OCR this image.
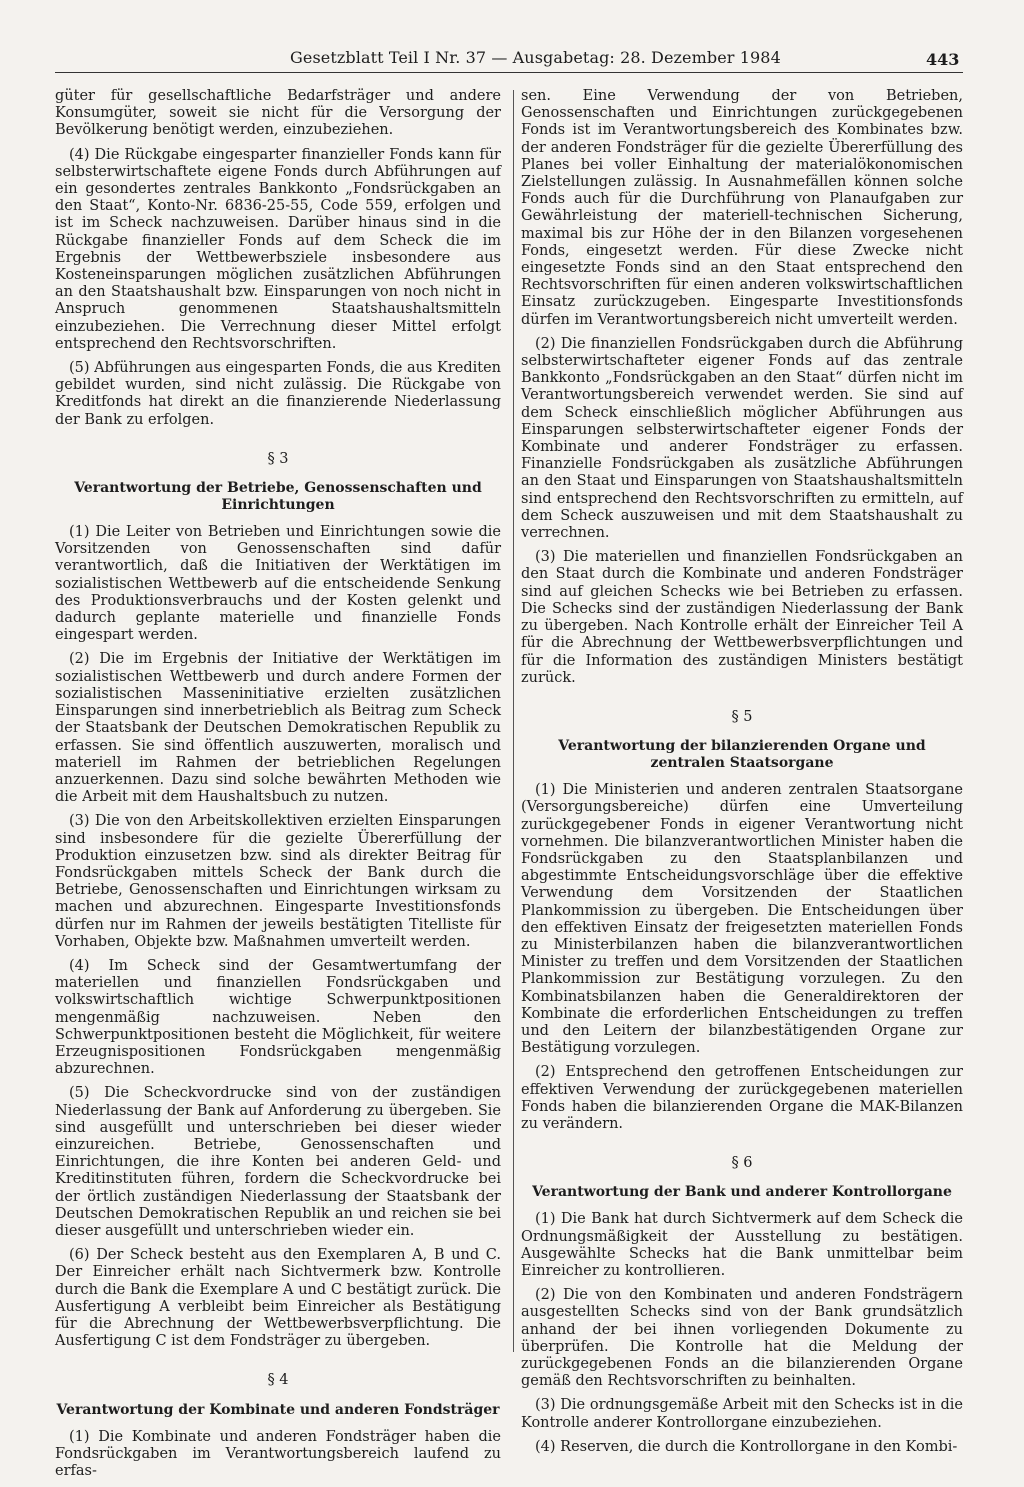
Gesetzblatt Teil I Nr. 37 — Ausgabetag: 28. Dezember 1984	443

güter für gesellschaftliche Bedarfsträger und andere Konsumgüter, soweit sie nicht für die Versorgung der Bevölkerung benötigt werden, einzubeziehen.

(4) Die Rückgabe eingesparter finanzieller Fonds kann für selbsterwirtschaftete eigene Fonds durch Abführungen auf ein gesondertes zentrales Bankkonto „Fondsrückgaben an den Staat“, Konto-Nr. 6836-25-55, Code 559, erfolgen und ist im Scheck nachzuweisen. Darüber hinaus sind in die Rückgabe finanzieller Fonds auf dem Scheck die im Ergebnis der Wettbewerbsziele insbesondere aus Kosteneinsparungen möglichen zusätzlichen Abführungen an den Staatshaushalt bzw. Einsparungen von noch nicht in Anspruch genommenen Staatshaushaltsmitteln einzubeziehen. Die Verrechnung dieser Mittel erfolgt entsprechend den Rechtsvorschriften.

(5) Abführungen aus eingesparten Fonds, die aus Krediten gebildet wurden, sind nicht zulässig. Die Rückgabe von Kreditfonds hat direkt an die finanzierende Niederlassung der Bank zu erfolgen.

§ 3
Verantwortung der Betriebe, Genossenschaften und Einrichtungen

(1) Die Leiter von Betrieben und Einrichtungen sowie die Vorsitzenden von Genossenschaften sind dafür verantwortlich, daß die Initiativen der Werktätigen im sozialistischen Wettbewerb auf die entscheidende Senkung des Produktionsverbrauchs und der Kosten gelenkt und dadurch geplante materielle und finanzielle Fonds eingespart werden.

(2) Die im Ergebnis der Initiative der Werktätigen im sozialistischen Wettbewerb und durch andere Formen der sozialistischen Masseninitiative erzielten zusätzlichen Einsparungen sind innerbetrieblich als Beitrag zum Scheck der Staatsbank der Deutschen Demokratischen Republik zu erfassen. Sie sind öffentlich auszuwerten, moralisch und materiell im Rahmen der betrieblichen Regelungen anzuerkennen. Dazu sind solche bewährten Methoden wie die Arbeit mit dem Haushaltsbuch zu nutzen.

(3) Die von den Arbeitskollektiven erzielten Einsparungen sind insbesondere für die gezielte Übererfüllung der Produktion einzusetzen bzw. sind als direkter Beitrag für Fondsrückgaben mittels Scheck der Bank durch die Betriebe, Genossenschaften und Einrichtungen wirksam zu machen und abzurechnen. Eingesparte Investitionsfonds dürfen nur im Rahmen der jeweils bestätigten Titelliste für Vorhaben, Objekte bzw. Maßnahmen umverteilt werden.

(4) Im Scheck sind der Gesamtwertumfang der materiellen und finanziellen Fondsrückgaben und volkswirtschaftlich wichtige Schwerpunktpositionen mengenmäßig nachzuweisen. Neben den Schwerpunktpositionen besteht die Möglichkeit, für weitere Erzeugnispositionen Fondsrückgaben mengenmäßig abzurechnen.

(5) Die Scheckvordrucke sind von der zuständigen Niederlassung der Bank auf Anforderung zu übergeben. Sie sind ausgefüllt und unterschrieben bei dieser wieder einzureichen. Betriebe, Genossenschaften und Einrichtungen, die ihre Konten bei anderen Geld- und Kreditinstituten führen, fordern die Scheckvordrucke bei der örtlich zuständigen Niederlassung der Staatsbank der Deutschen Demokratischen Republik an und reichen sie bei dieser ausgefüllt und unterschrieben wieder ein.

(6) Der Scheck besteht aus den Exemplaren A, B und C. Der Einreicher erhält nach Sichtvermerk bzw. Kontrolle durch die Bank die Exemplare A und C bestätigt zurück. Die Ausfertigung A verbleibt beim Einreicher als Bestätigung für die Abrechnung der Wettbewerbsverpflichtung. Die Ausfertigung C ist dem Fondsträger zu übergeben.

§ 4
Verantwortung der Kombinate und anderen Fondsträger

(1) Die Kombinate und anderen Fondsträger haben die Fondsrückgaben im Verantwortungsbereich laufend zu erfas-

sen. Eine Verwendung der von Betrieben, Genossenschaften und Einrichtungen zurückgegebenen Fonds ist im Verantwortungsbereich des Kombinates bzw. der anderen Fondsträger für die gezielte Übererfüllung des Planes bei voller Einhaltung der materialökonomischen Zielstellungen zulässig. In Ausnahmefällen können solche Fonds auch für die Durchführung von Planaufgaben zur Gewährleistung der materiell-technischen Sicherung, maximal bis zur Höhe der in den Bilanzen vorgesehenen Fonds, eingesetzt werden. Für diese Zwecke nicht eingesetzte Fonds sind an den Staat entsprechend den Rechtsvorschriften für einen anderen volkswirtschaftlichen Einsatz zurückzugeben. Eingesparte Investitionsfonds dürfen im Verantwortungsbereich nicht umverteilt werden.

(2) Die finanziellen Fondsrückgaben durch die Abführung selbsterwirtschafteter eigener Fonds auf das zentrale Bankkonto „Fondsrückgaben an den Staat“ dürfen nicht im Verantwortungsbereich verwendet werden. Sie sind auf dem Scheck einschließlich möglicher Abführungen aus Einsparungen selbsterwirtschafteter eigener Fonds der Kombinate und anderer Fondsträger zu erfassen. Finanzielle Fondsrückgaben als zusätzliche Abführungen an den Staat und Einsparungen von Staatshaushaltsmitteln sind entsprechend den Rechtsvorschriften zu ermitteln, auf dem Scheck auszuweisen und mit dem Staatshaushalt zu verrechnen.

(3) Die materiellen und finanziellen Fondsrückgaben an den Staat durch die Kombinate und anderen Fondsträger sind auf gleichen Schecks wie bei Betrieben zu erfassen. Die Schecks sind der zuständigen Niederlassung der Bank zu übergeben. Nach Kontrolle erhält der Einreicher Teil A für die Abrechnung der Wettbewerbsverpflichtungen und für die Information des zuständigen Ministers bestätigt zurück.

§ 5
Verantwortung der bilanzierenden Organe und zentralen Staatsorgane

(1) Die Ministerien und anderen zentralen Staatsorgane (Versorgungsbereiche) dürfen eine Umverteilung zurückgegebener Fonds in eigener Verantwortung nicht vornehmen. Die bilanzverantwortlichen Minister haben die Fondsrückgaben zu den Staatsplanbilanzen und abgestimmte Entscheidungsvorschläge über die effektive Verwendung dem Vorsitzenden der Staatlichen Plankommission zu übergeben. Die Entscheidungen über den effektiven Einsatz der freigesetzten materiellen Fonds zu Ministerbilanzen haben die bilanzverantwortlichen Minister zu treffen und dem Vorsitzenden der Staatlichen Plankommission zur Bestätigung vorzulegen. Zu den Kombinatsbilanzen haben die Generaldirektoren der Kombinate die erforderlichen Entscheidungen zu treffen und den Leitern der bilanzbestätigenden Organe zur Bestätigung vorzulegen.

(2) Entsprechend den getroffenen Entscheidungen zur effektiven Verwendung der zurückgegebenen materiellen Fonds haben die bilanzierenden Organe die MAK-Bilanzen zu verändern.

§ 6
Verantwortung der Bank und anderer Kontrollorgane

(1) Die Bank hat durch Sichtvermerk auf dem Scheck die Ordnungsmäßigkeit der Ausstellung zu bestätigen. Ausgewählte Schecks hat die Bank unmittelbar beim Einreicher zu kontrollieren.

(2) Die von den Kombinaten und anderen Fondsträgern ausgestellten Schecks sind von der Bank grundsätzlich anhand der bei ihnen vorliegenden Dokumente zu überprüfen. Die Kontrolle hat die Meldung der zurückgegebenen Fonds an die bilanzierenden Organe gemäß den Rechtsvorschriften zu beinhalten.

(3) Die ordnungsgemäße Arbeit mit den Schecks ist in die Kontrolle anderer Kontrollorgane einzubeziehen.

(4) Reserven, die durch die Kontrollorgane in den Kombi-
